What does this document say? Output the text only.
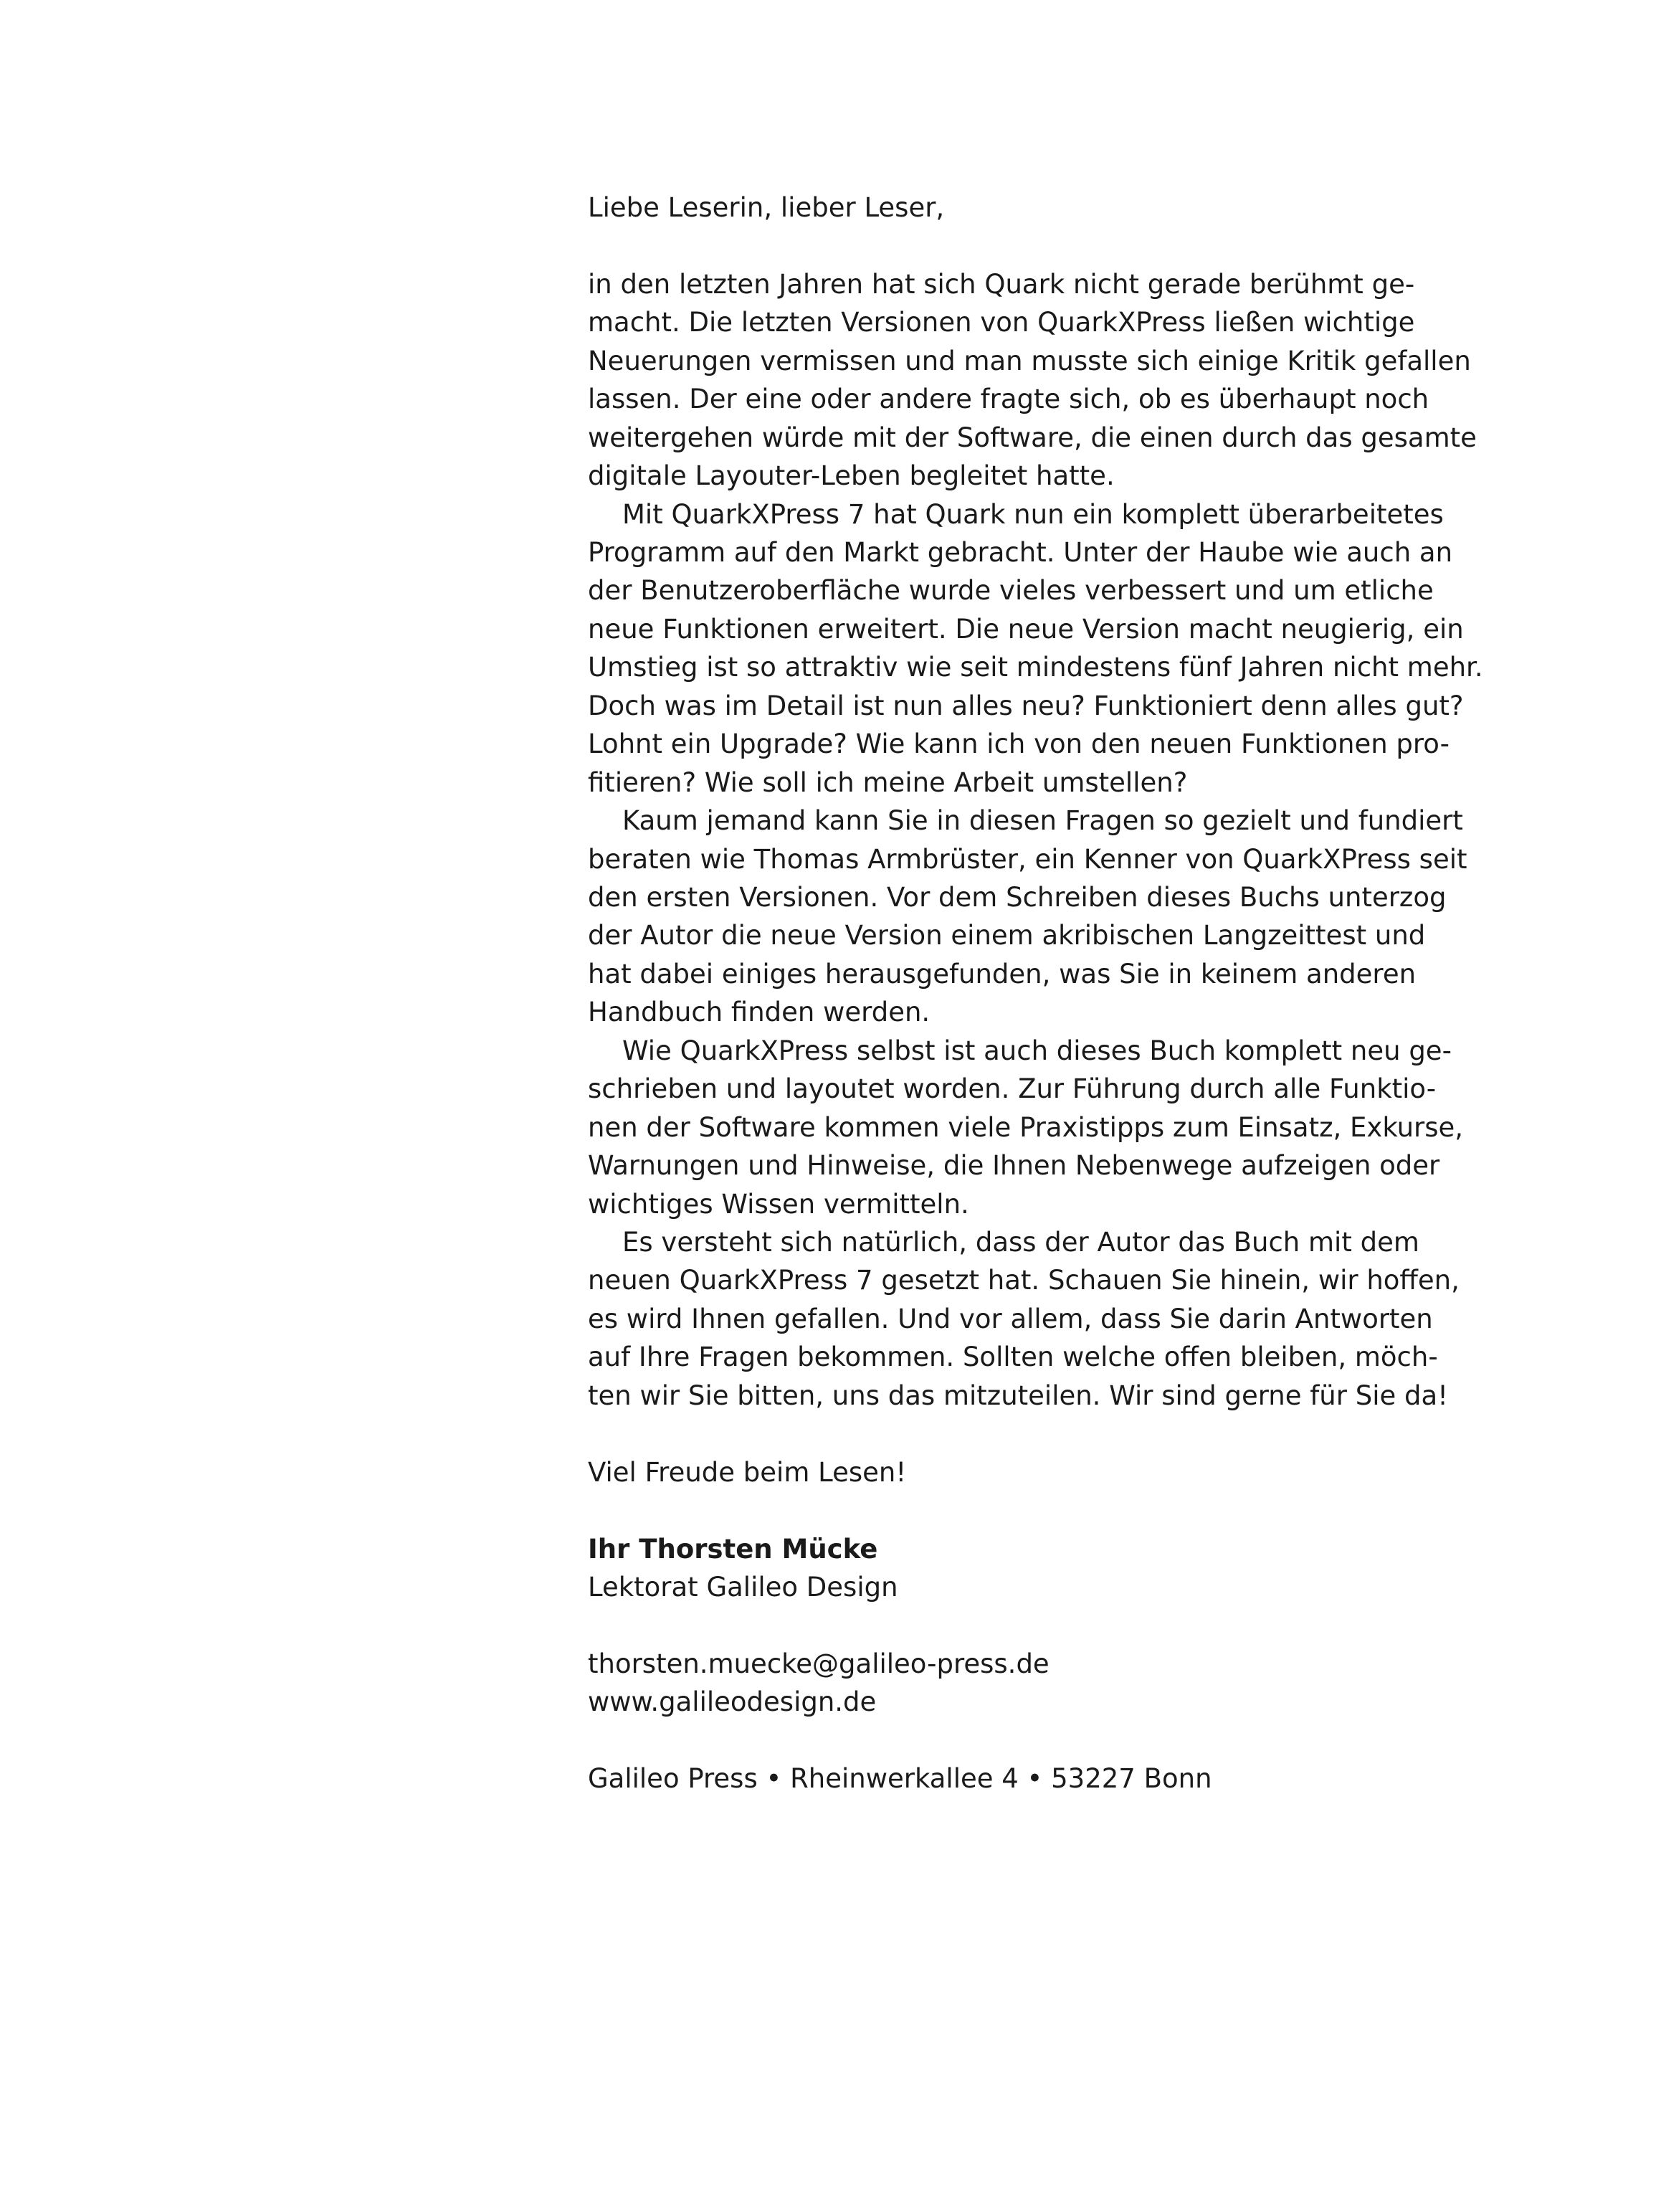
Liebe Leserin, lieber Leser,
in den letzten Jahren hat sich Quark nicht gerade berühmt ge-
macht. Die letzten Versionen von QuarkXPress ließen wichtige
Neuerungen vermissen und man musste sich einige Kritik gefallen
lassen. Der eine oder andere fragte sich, ob es überhaupt noch
weitergehen würde mit der Software, die einen durch das gesamte
digitale Layouter-Leben begleitet hatte.
Mit QuarkXPress 7 hat Quark nun ein komplett überarbeitetes
Programm auf den Markt gebracht. Unter der Haube wie auch an
der Benutzeroberfläche wurde vieles verbessert und um etliche
neue Funktionen erweitert. Die neue Version macht neugierig, ein
Umstieg ist so attraktiv wie seit mindestens fünf Jahren nicht mehr.
Doch was im Detail ist nun alles neu? Funktioniert denn alles gut?
Lohnt ein Upgrade? Wie kann ich von den neuen Funktionen pro-
fitieren? Wie soll ich meine Arbeit umstellen?
Kaum jemand kann Sie in diesen Fragen so gezielt und fundiert
beraten wie Thomas Armbrüster, ein Kenner von QuarkXPress seit
den ersten Versionen. Vor dem Schreiben dieses Buchs unterzog
der Autor die neue Version einem akribischen Langzeittest und
hat dabei einiges herausgefunden, was Sie in keinem anderen
Handbuch finden werden.
Wie QuarkXPress selbst ist auch dieses Buch komplett neu ge-
schrieben und layoutet worden. Zur Führung durch alle Funktio-
nen der Software kommen viele Praxistipps zum Einsatz, Exkurse,
Warnungen und Hinweise, die Ihnen Nebenwege aufzeigen oder
wichtiges Wissen vermitteln.
Es versteht sich natürlich, dass der Autor das Buch mit dem
neuen QuarkXPress 7 gesetzt hat. Schauen Sie hinein, wir hoffen,
es wird Ihnen gefallen. Und vor allem, dass Sie darin Antworten
auf Ihre Fragen bekommen. Sollten welche offen bleiben, möch-
ten wir Sie bitten, uns das mitzuteilen. Wir sind gerne für Sie da!
Viel Freude beim Lesen!
Ihr Thorsten Mücke
Lektorat Galileo Design
thorsten.muecke@galileo-press.de
www.galileodesign.de
Galileo Press • Rheinwerkallee 4 • 53227 Bonn
